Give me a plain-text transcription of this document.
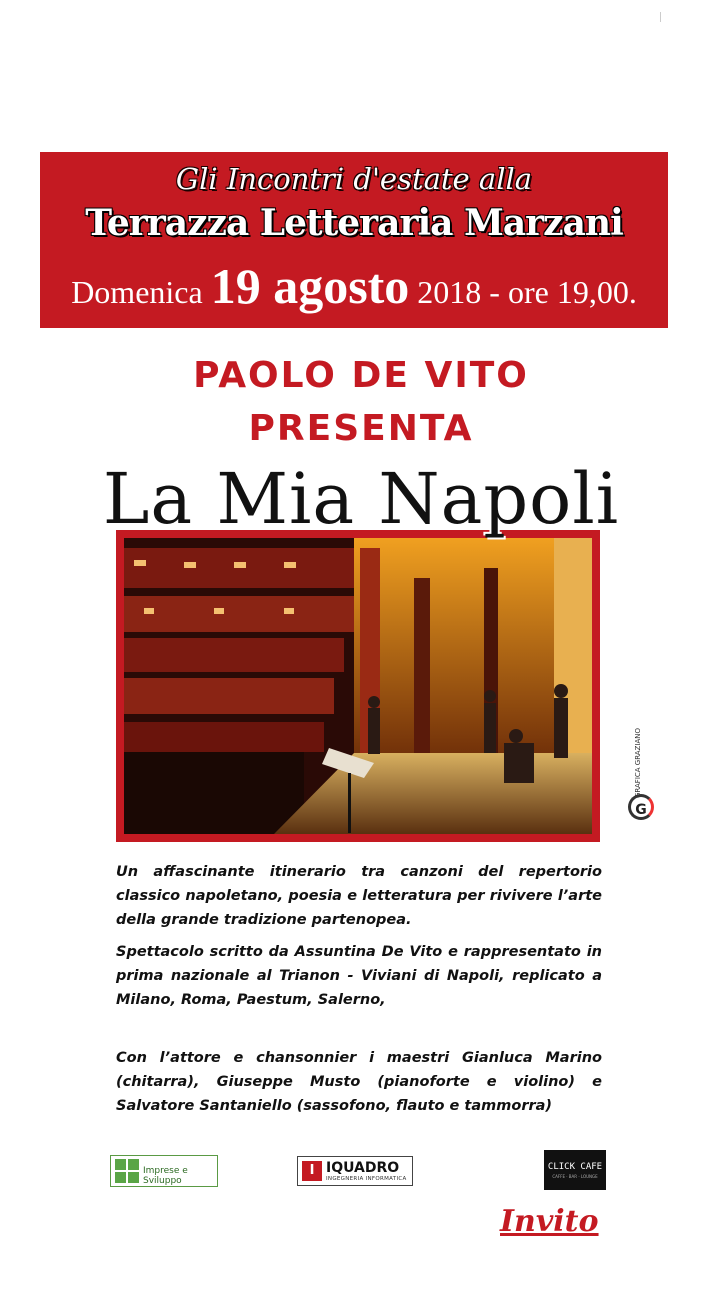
Gli Incontri d'estate alla
Terrazza Letteraria Marzani
Domenica 19 agosto 2018 - ore 19,00.
PAOLO DE VITO
PRESENTA
La Mia Napoli
GRAFICA GRAZIANO
G
Un affascinante itinerario tra canzoni del repertorio classico napoletano, poesia e letteratura per rivivere l’arte della grande tradizione partenopea.
Spettacolo scritto da Assuntina De Vito e rappresentato in prima nazionale al Trianon - Viviani di Napoli, replicato a Milano, Roma, Paestum, Salerno,
Con l’attore e chansonnier i maestri Gianluca Marino (chitarra), Giuseppe Musto (pianoforte e violino) e Salvatore Santaniello (sassofono, flauto e tammorra)
Imprese e Sviluppo
I IQUADRO
INGEGNERIA INFORMATICA
CLICK CAFE
CAFFE · BAR · LOUNGE
Invito
